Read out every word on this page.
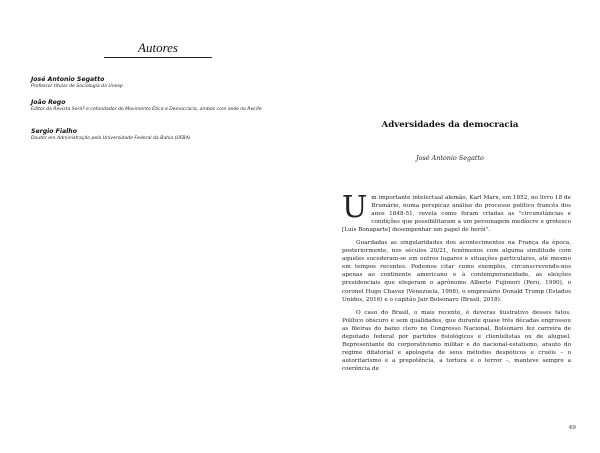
Autores
José Antonio Segatto
Professor titular de Sociologia da Unesp
João Rego
Editor da Revista Será? e cofundador do Movimento Ética e Democracia, ambos com sede no Recife
Sergio Fialho
Doutor em Administração pela Universidade Federal da Bahia (UFBA)
Adversidades da democracia
José Antonio Segatto

Um importante intelectual alemão, Karl Marx, em 1852, no livro 18 de Brumário, numa perspicaz análise do processo político francês dos anos 1848-51, revela como foram criadas as "circunstâncias e condições que possibilitaram a um personagem medíocre e grotesco [Luís Bonaparte] desempenhar um papel de herói".

Guardadas as singularidades dos acontecimentos na França da época, posteriormente, nos séculos 20/21, fenômenos com alguma similitude com aqueles sucederam-se em outros lugares e situações particulares, até mesmo em tempos recentes. Podemos citar como exemplos, circunscrevendo-nos apenas ao continente americano e à contemporaneidade, as eleições presidenciais que elegeram o agrônomo Alberto Fujimori (Peru, 1990), o coronel Hugo Chavez (Venezuela, 1998), o empresário Donald Trump (Estados Unidos, 2016) e o capitão Jair Bolsonaro (Brasil, 2018).

O caso do Brasil, o mais recente, é deveras ilustrativo desses fatos. Político obscuro e sem qualidades, que durante quase três décadas engrossou as fileiras do baixo clero no Congresso Nacional, Bolsonaro fez carreira de deputado federal por partidos fisiológicos e clientelistas ou de aluguel. Representante do corporativismo militar e do nacional-estatismo, arauto do regime ditatorial e apologeta de seus métodos despóticos e cruéis – o autoritarismo e a prepotência, a tortura e o terror –, manteve sempre a coerência de

49
